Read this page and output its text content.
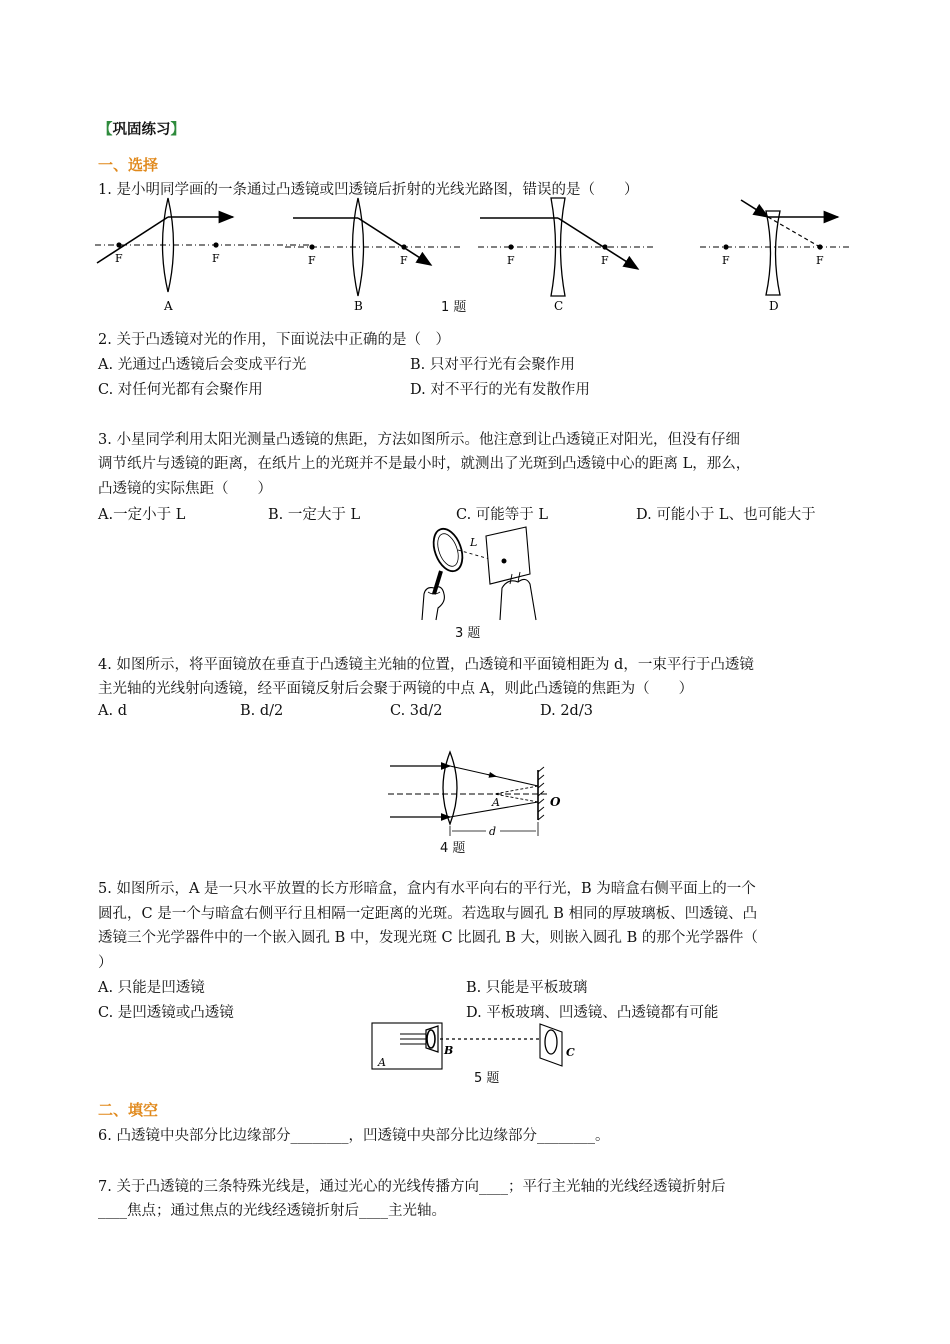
【巩固练习】
一、选择
1. 是小明同学画的一条通过凸透镜或凹透镜后折射的光线光路图，错误的是（　　）
F	F
A
F	F
B	1 题
F	F
C
F	F
D
2. 关于凸透镜对光的作用，下面说法中正确的是（　）
A. 光通过凸透镜后会变成平行光	B. 只对平行光有会聚作用
C. 对任何光都有会聚作用	D. 对不平行的光有发散作用
3. 小星同学利用太阳光测量凸透镜的焦距，方法如图所示。他注意到让凸透镜正对阳光，但没有仔细
调节纸片与透镜的距离，在纸片上的光斑并不是最小时，就测出了光斑到凸透镜中心的距离 L，那么，
凸透镜的实际焦距（　　）
A.一定小于 L	B. 一定大于 L	C. 可能等于 L	D. 可能小于 L、也可能大于
L
3 题
4. 如图所示，将平面镜放在垂直于凸透镜主光轴的位置，凸透镜和平面镜相距为 d，一束平行于凸透镜
主光轴的光线射向透镜，经平面镜反射后会聚于两镜的中点 A，则此凸透镜的焦距为（　　）
A. d	B. d/2	C. 3d/2	D. 2d/3
A	O
d
4 题
5. 如图所示，A 是一只水平放置的长方形暗盒，盒内有水平向右的平行光，B 为暗盒右侧平面上的一个
圆孔，C 是一个与暗盒右侧平行且相隔一定距离的光斑。若选取与圆孔 B 相同的厚玻璃板、凹透镜、凸
透镜三个光学器件中的一个嵌入圆孔 B 中，发现光斑 C 比圆孔 B 大，则嵌入圆孔 B 的那个光学器件（
）
A. 只能是凹透镜	B. 只能是平板玻璃
C. 是凹透镜或凸透镜	D. 平板玻璃、凹透镜、凸透镜都有可能
A
B	C
5 题
二、填空
6. 凸透镜中央部分比边缘部分________，凹透镜中央部分比边缘部分________。
7. 关于凸透镜的三条特殊光线是，通过光心的光线传播方向____；平行主光轴的光线经透镜折射后
____焦点；通过焦点的光线经透镜折射后____主光轴。
